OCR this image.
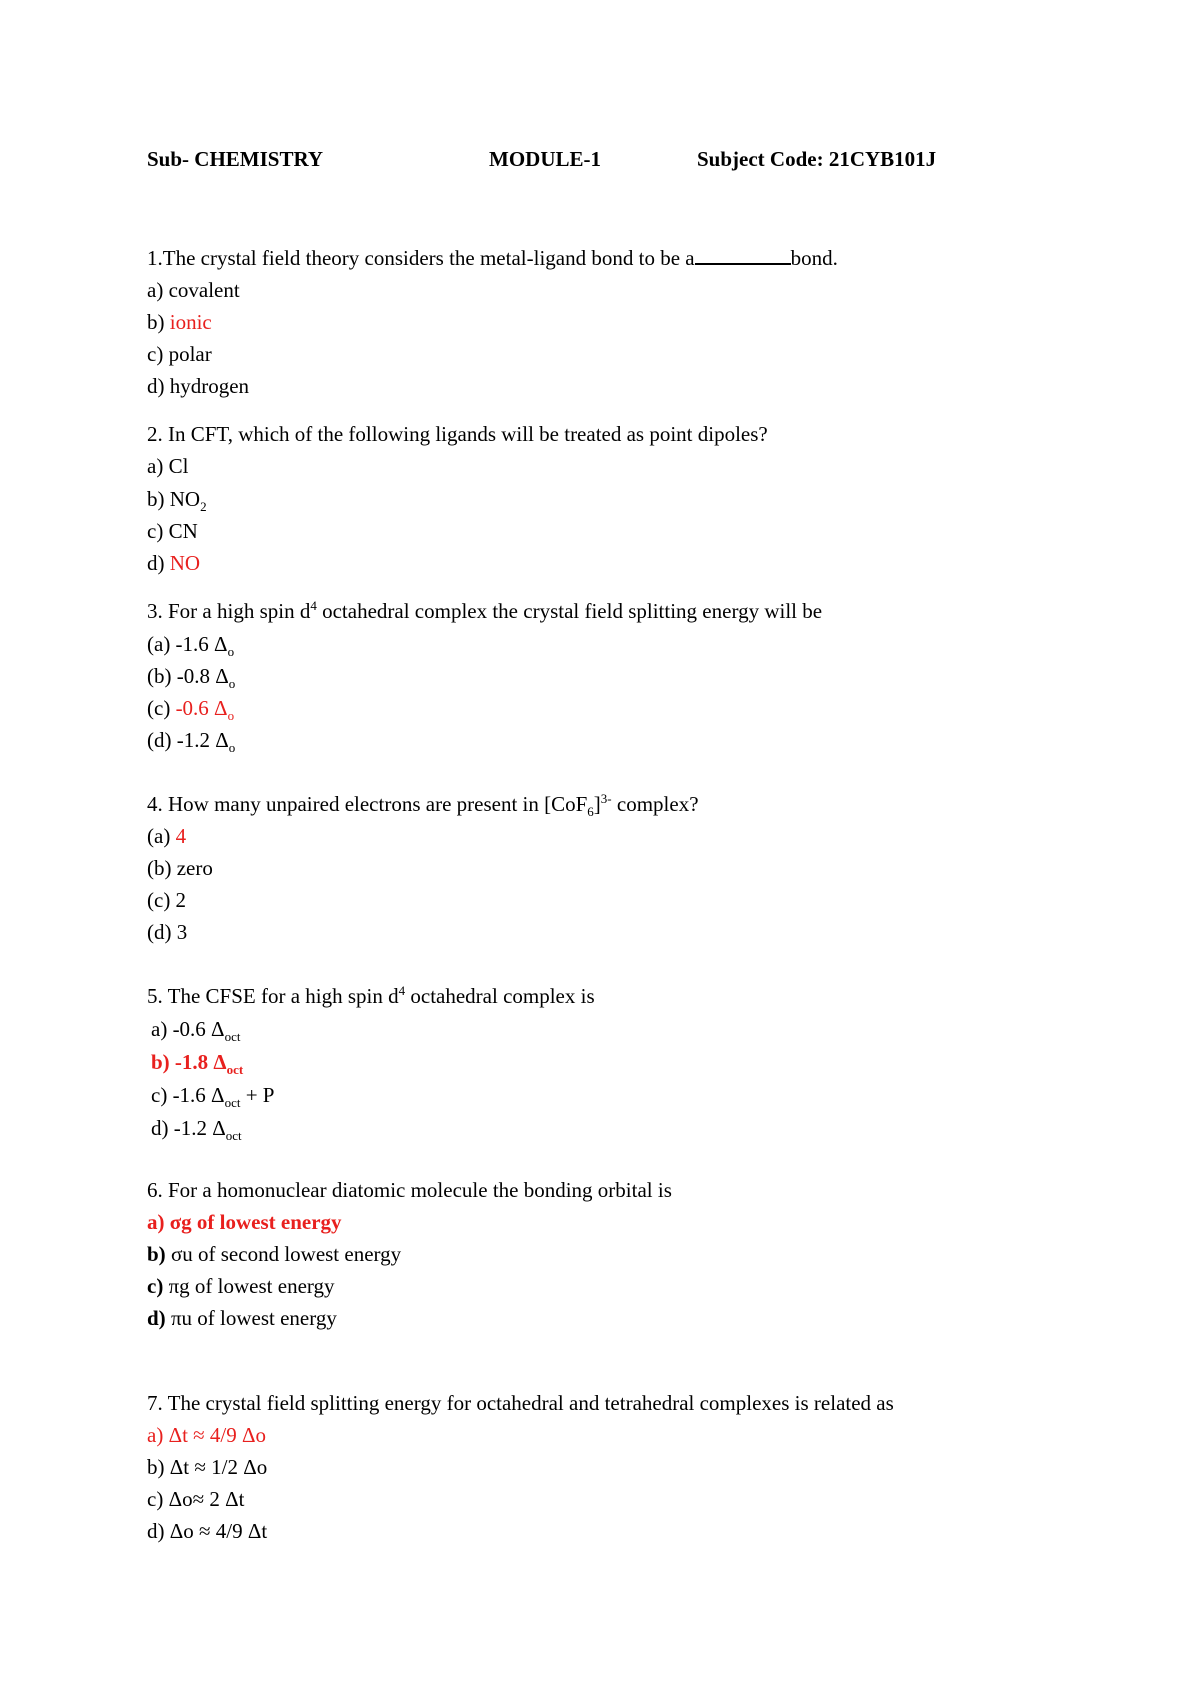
Sub- CHEMISTRY	MODULE-1	Subject Code: 21CYB101J
1.The crystal field theory considers the metal-ligand bond to be a	bond.
a) covalent
b) ionic
c) polar
d) hydrogen
2. In CFT, which of the following ligands will be treated as point dipoles?
a) Cl
b) $NO_2$
c) CN
d) NO
3. For a high spin $d^4$ octahedral complex the crystal field splitting energy will be
(a) -1.6 $\Delta_o$
(b) -0.8 $\Delta_o$
(c) -0.6 $\Delta_o$
(d) -1.2 $\Delta_o$
4. How many unpaired electrons are present in $[CoF_6]^{3-}$ complex?
(a) 4
(b) zero
(c) 2
(d) 3
5. The CFSE for a high spin $d^4$ octahedral complex is
a) -0.6 $\Delta_{oct}$
b) -1.8 $\Delta_{oct}$
c) -1.6 $\Delta_{oct} + P$
d) -1.2 $\Delta_{oct}$
6. For a homonuclear diatomic molecule the bonding orbital is
a) σg of lowest energy
b) σu of second lowest energy
c) πg of lowest energy
d) πu of lowest energy
7. The crystal field splitting energy for octahedral and tetrahedral complexes is related as
a) Δt ≈ 4/9 Δo
b) Δt ≈ 1/2 Δo
c) Δo≈ 2 Δt
d) Δo ≈ 4/9 Δt
